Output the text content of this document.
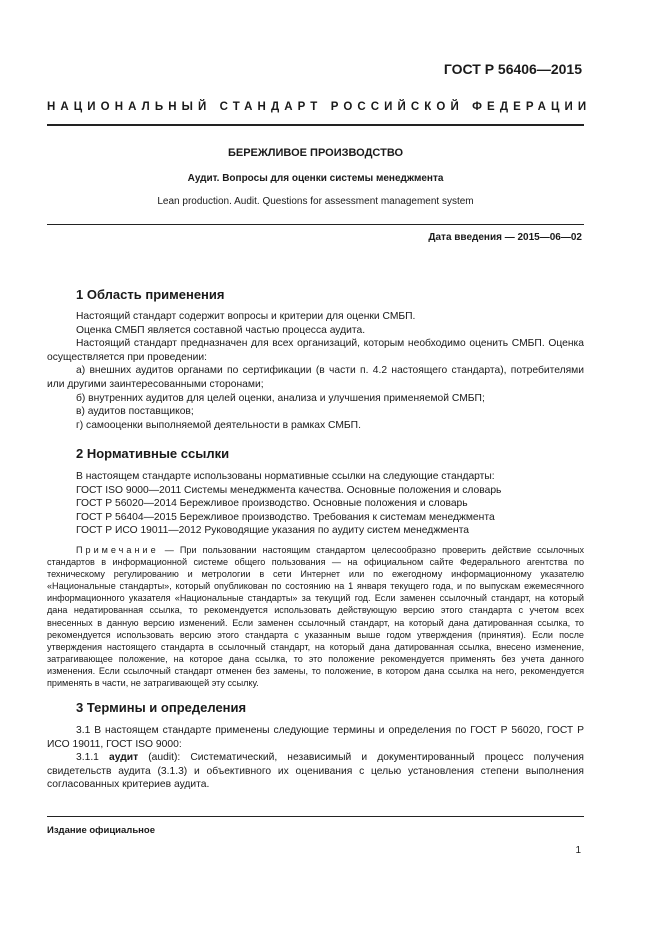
ГОСТ Р 56406—2015
НАЦИОНАЛЬНЫЙ СТАНДАРТ РОССИЙСКОЙ ФЕДЕРАЦИИ
БЕРЕЖЛИВОЕ ПРОИЗВОДСТВО
Аудит. Вопросы для оценки системы менеджмента
Lean production. Audit. Questions for assessment management system
Дата введения — 2015—06—02
1 Область применения
Настоящий стандарт содержит вопросы и критерии для оценки СМБП.
Оценка СМБП является составной частью процесса аудита.
Настоящий стандарт предназначен для всех организаций, которым необходимо оценить СМБП. Оценка осуществляется при проведении:
а) внешних аудитов органами по сертификации (в части п. 4.2 настоящего стандарта), потребителями или другими заинтересованными сторонами;
б) внутренних аудитов для целей оценки, анализа и улучшения применяемой СМБП;
в) аудитов поставщиков;
г) самооценки выполняемой деятельности в рамках СМБП.
2 Нормативные ссылки
В настоящем стандарте использованы нормативные ссылки на следующие стандарты:
ГОСТ ISO 9000—2011 Системы менеджмента качества. Основные положения и словарь
ГОСТ Р 56020—2014 Бережливое производство. Основные положения и словарь
ГОСТ Р 56404—2015 Бережливое производство. Требования к системам менеджмента
ГОСТ Р ИСО 19011—2012 Руководящие указания по аудиту систем менеджмента
Примечание — При пользовании настоящим стандартом целесообразно проверить действие ссылочных стандартов в информационной системе общего пользования — на официальном сайте Федерального агентства по техническому регулированию и метрологии в сети Интернет или по ежегодному информационному указателю «Национальные стандарты», который опубликован по состоянию на 1 января текущего года, и по выпускам ежемесячного информационного указателя «Национальные стандарты» за текущий год. Если заменен ссылочный стандарт, на который дана недатированная ссылка, то рекомендуется использовать действующую версию этого стандарта с учетом всех внесенных в данную версию изменений. Если заменен ссылочный стандарт, на который дана датированная ссылка, то рекомендуется использовать версию этого стандарта с указанным выше годом утверждения (принятия). Если после утверждения настоящего стандарта в ссылочный стандарт, на который дана датированная ссылка, внесено изменение, затрагивающее положение, на которое дана ссылка, то это положение рекомендуется применять без учета данного изменения. Если ссылочный стандарт отменен без замены, то положение, в котором дана ссылка на него, рекомендуется применять в части, не затрагивающей эту ссылку.
3 Термины и определения
3.1 В настоящем стандарте применены следующие термины и определения по ГОСТ Р 56020, ГОСТ Р ИСО 19011, ГОСТ ISO 9000:
3.1.1 аудит (audit): Систематический, независимый и документированный процесс получения свидетельств аудита (3.1.3) и объективного их оценивания с целью установления степени выполнения согласованных критериев аудита.
Издание официальное
1
